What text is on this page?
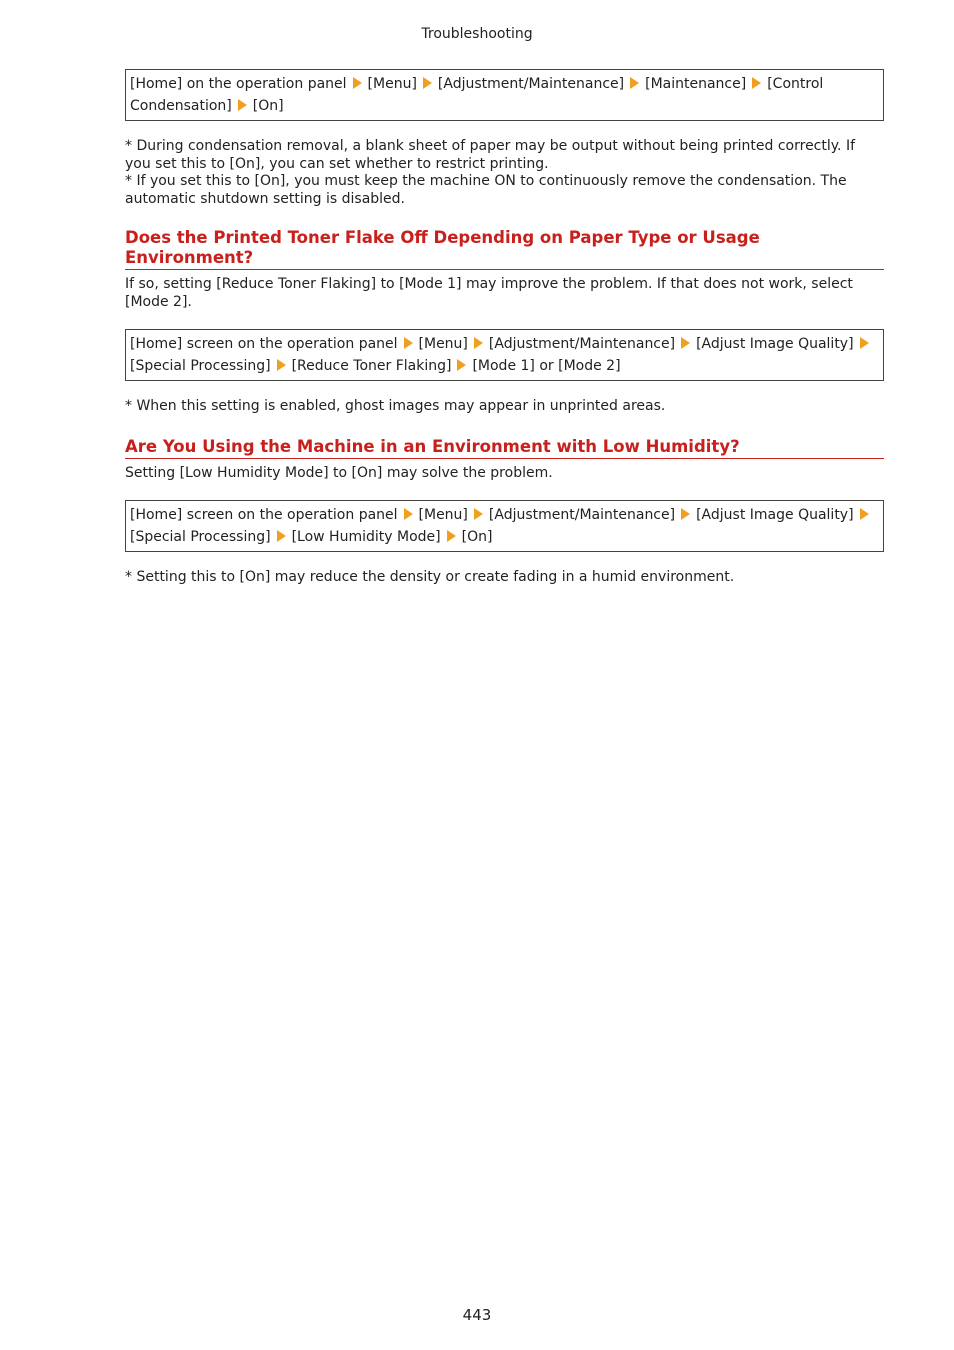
Troubleshooting
[Home] on the operation panel [Menu] [Adjustment/Maintenance] [Maintenance] [Control Condensation] [On]

* During condensation removal, a blank sheet of paper may be output without being printed correctly. If you set this to [On], you can set whether to restrict printing.

* If you set this to [On], you must keep the machine ON to continuously remove the condensation. The automatic shutdown setting is disabled.

Does the Printed Toner Flake Off Depending on Paper Type or Usage Environment?

If so, setting [Reduce Toner Flaking] to [Mode 1] may improve the problem. If that does not work, select [Mode 2].

[Home] screen on the operation panel [Menu] [Adjustment/Maintenance] [Adjust Image Quality][Special Processing] [Reduce Toner Flaking] [Mode 1] or [Mode 2]

* When this setting is enabled, ghost images may appear in unprinted areas.

Are You Using the Machine in an Environment with Low Humidity?

Setting [Low Humidity Mode] to [On] may solve the problem.

[Home] screen on the operation panel [Menu] [Adjustment/Maintenance] [Adjust Image Quality][Special Processing] [Low Humidity Mode] [On]

* Setting this to [On] may reduce the density or create fading in a humid environment.

443
